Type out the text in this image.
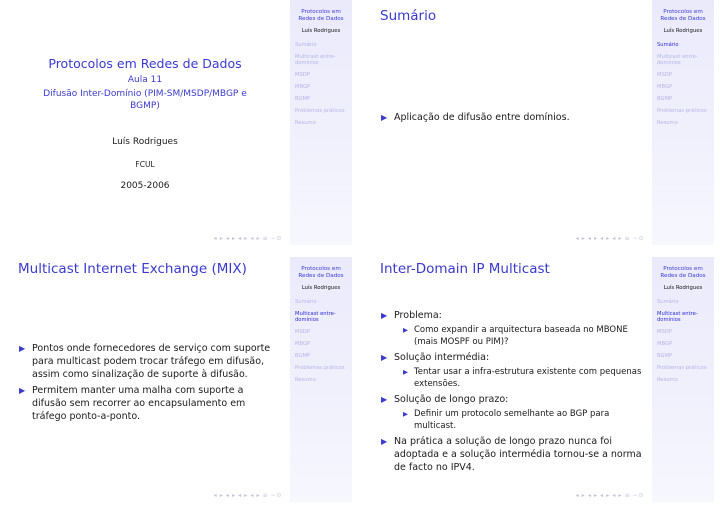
Protocolos em
Redes de Dados
Luís Rodrigues
Sumário
Multicast entre-domínios
MSDP
MBGP
BGMP
Problemas práticos
Resumo
Protocolos em Redes de Dados
Aula 11
Difusão Inter-Domínio (PIM-SM/MSDP/MBGP e BGMP)
Luís Rodrigues
FCUL
2005-2006
◂ ▸ ◂ ▸ ◂ ▸ ◂ ▸ ≡ ∽⊙
Protocolos em
Redes de Dados
Luís Rodrigues
Sumário
Multicast entre-domínios
MSDP
MBGP
BGMP
Problemas práticos
Resumo
Sumário
▶ Aplicação de difusão entre domínios.
◂ ▸ ◂ ▸ ◂ ▸ ◂ ▸ ≡ ∽⊙
Protocolos em
Redes de Dados
Luís Rodrigues
Sumário
Multicast entre-domínios
MSDP
MBGP
BGMP
Problemas práticos
Resumo
Multicast Internet Exchange (MIX)
▶ Pontos onde fornecedores de serviço com suporte para multicast podem trocar tráfego em difusão, assim como sinalização de suporte à difusão.
▶ Permitem manter uma malha com suporte a difusão sem recorrer ao encapsulamento em tráfego ponto-a-ponto.
◂ ▸ ◂ ▸ ◂ ▸ ◂ ▸ ≡ ∽⊙
Protocolos em
Redes de Dados
Luís Rodrigues
Sumário
Multicast entre-domínios
MSDP
MBGP
BGMP
Problemas práticos
Resumo
Inter-Domain IP Multicast
▶ Problema:
▶ Como expandir a arquitectura baseada no MBONE (mais MOSPF ou PIM)?
▶ Solução intermédia:
▶ Tentar usar a infra-estrutura existente com pequenas extensões.
▶ Solução de longo prazo:
▶ Definir um protocolo semelhante ao BGP para multicast.
▶ Na prática a solução de longo prazo nunca foi adoptada e a solução intermédia tornou-se a norma de facto no IPV4.
◂ ▸ ◂ ▸ ◂ ▸ ◂ ▸ ≡ ∽⊙
